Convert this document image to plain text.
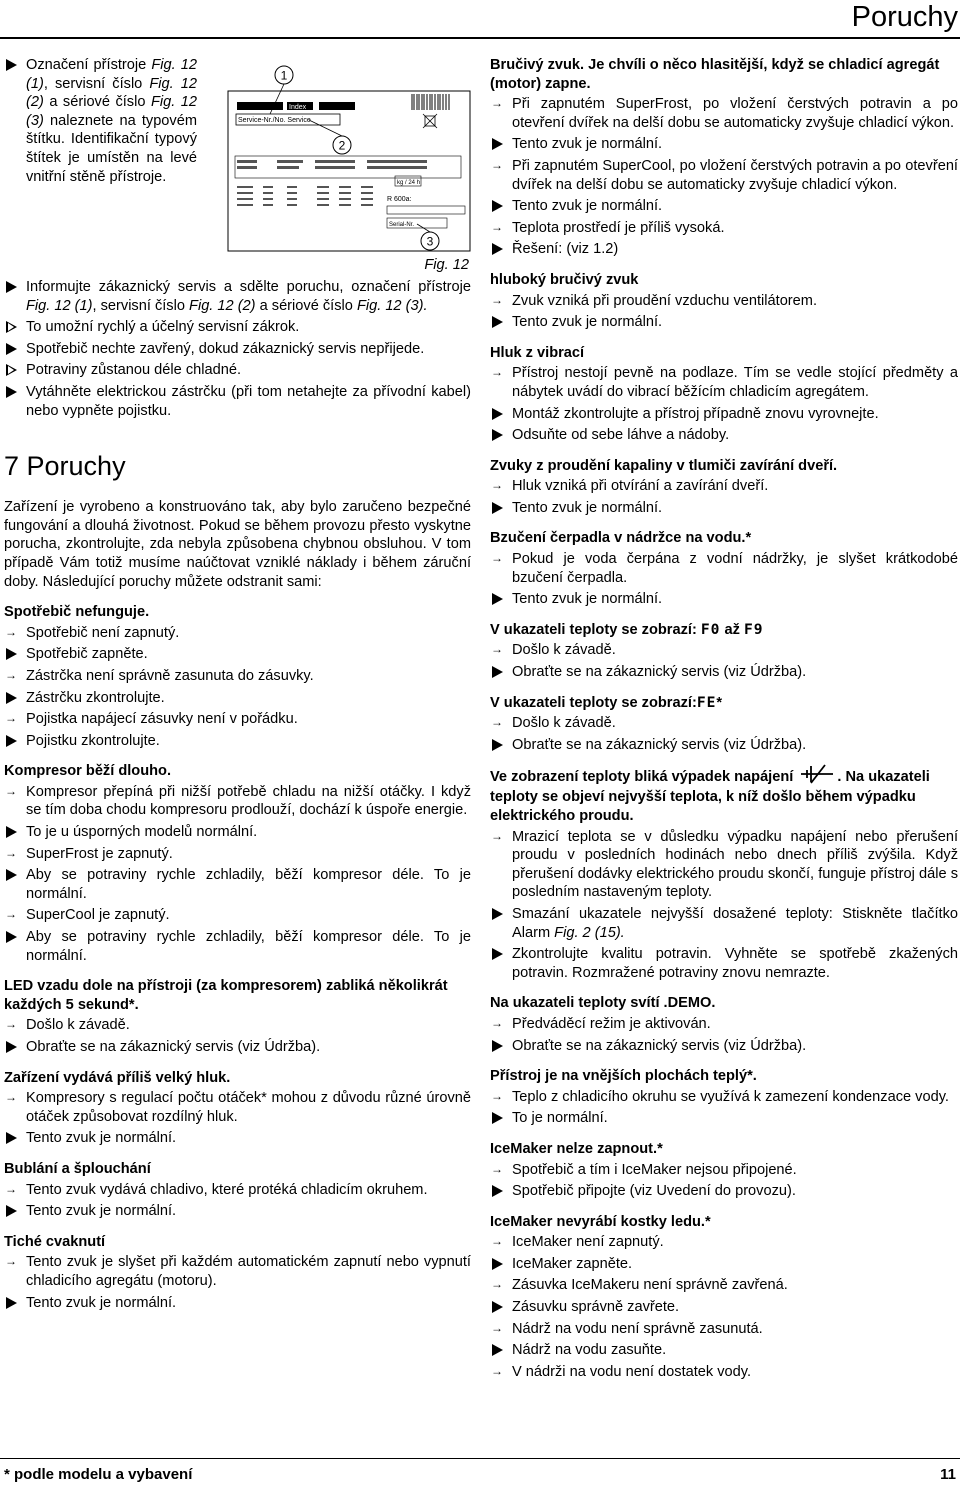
Poruchy
Označení přístroje Fig. 12 (1), servisní číslo Fig. 12 (2) a sériové číslo Fig. 12 (3) naleznete na typovém štítku. Identifikační typový štítek je umístěn na levé vnitřní stěně přístroje.
Index
Service-Nr./No. Service
kg / 24 h
R 600a:
Serial-Nr.
1
2
3
Fig. 12
Informujte zákaznický servis a sdělte poruchu, označení přístroje Fig. 12 (1), servisní číslo Fig. 12 (2) a sériové číslo Fig. 12 (3).
To umožní rychlý a účelný servisní zákrok.
Spotřebič nechte zavřený, dokud zákaznický servis nepřijede.
Potraviny zůstanou déle chladné.
Vytáhněte elektrickou zástrčku (při tom netahejte za přívodní kabel) nebo vypněte pojistku.
7 Poruchy
Zařízení je vyrobeno a konstruováno tak, aby bylo zaručeno bezpečné fungování a dlouhá životnost. Pokud se během provozu přesto vyskytne porucha, zkontrolujte, zda nebyla způsobena chybnou obsluhou. V tom případě Vám totiž musíme naúčtovat vzniklé náklady i během záruční doby. Následující poruchy můžete odstranit sami:
Spotřebič nefunguje.
→
Spotřebič není zapnutý.
Spotřebič zapněte.
→
Zástrčka není správně zasunuta do zásuvky.
Zástrčku zkontrolujte.
→
Pojistka napájecí zásuvky není v pořádku.
Pojistku zkontrolujte.
Kompresor běží dlouho.
→
Kompresor přepíná při nižší potřebě chladu na nižší otáčky. I když se tím doba chodu kompresoru prodlouží, dochází k úspoře energie.
To je u úsporných modelů normální.
→
SuperFrost je zapnutý.
Aby se potraviny rychle zchladily, běží kompresor déle. To je normální.
→
SuperCool je zapnutý.
Aby se potraviny rychle zchladily, běží kompresor déle. To je normální.
LED vzadu dole na přístroji (za kompresorem) zabliká několikrát každých 5 sekund*.
→
Došlo k závadě.
Obraťte se na zákaznický servis (viz Údržba).
Zařízení vydává příliš velký hluk.
→
Kompresory s regulací počtu otáček* mohou z důvodu různé úrovně otáček způsobovat rozdílný hluk.
Tento zvuk je normální.
Bublání a šplouchání
→
Tento zvuk vydává chladivo, které protéká chladicím okruhem.
Tento zvuk je normální.
Tiché cvaknutí
→
Tento zvuk je slyšet při každém automatickém zapnutí nebo vypnutí chladicího agregátu (motoru).
Tento zvuk je normální.
Bručivý zvuk. Je chvíli o něco hlasitější, když se chladicí agregát (motor) zapne.
→
Při zapnutém SuperFrost, po vložení čerstvých potravin a po otevření dvířek na delší dobu se automaticky zvyšuje chladicí výkon.
Tento zvuk je normální.
→
Při zapnutém SuperCool, po vložení čerstvých potravin a po otevření dvířek na delší dobu se automaticky zvyšuje chladicí výkon.
Tento zvuk je normální.
→
Teplota prostředí je příliš vysoká.
Řešení: (viz 1.2)
hluboký bručivý zvuk
→
Zvuk vzniká při proudění vzduchu ventilátorem.
Tento zvuk je normální.
Hluk z vibrací
→
Přístroj nestojí pevně na podlaze. Tím se vedle stojící předměty a nábytek uvádí do vibrací běžícím chladicím agregátem.
Montáž zkontrolujte a přístroj případně znovu vyrovnejte.
Odsuňte od sebe láhve a nádoby.
Zvuky z proudění kapaliny v tlumiči zavírání dveří.
→
Hluk vzniká při otvírání a zavírání dveří.
Tento zvuk je normální.
Bzučení čerpadla v nádržce na vodu.*
→
Pokud je voda čerpána z vodní nádržky, je slyšet krátkodobé bzučení čerpadla.
Tento zvuk je normální.
V ukazateli teploty se zobrazí: F0 až F9
→
Došlo k závadě.
Obraťte se na zákaznický servis (viz Údržba).
V ukazateli teploty se zobrazí:FE*
→
Došlo k závadě.
Obraťte se na zákaznický servis (viz Údržba).
Ve zobrazení teploty bliká výpadek napájení	. Na ukazateli teploty se objeví nejvyšší teplota, k níž došlo během výpadku elektrického proudu.
→
Mrazicí teplota se v důsledku výpadku napájení nebo přerušení proudu v posledních hodinách nebo dnech příliš zvýšila. Když přerušení dodávky elektrického proudu skončí, funguje přístroj dále s posledním nastaveným teploty.
Smazání ukazatele nejvyšší dosažené teploty: Stiskněte tlačítko Alarm Fig. 2 (15).
Zkontrolujte kvalitu potravin. Vyhněte se spotřebě zkažených potravin. Rozmražené potraviny znovu nemrazte.
Na ukazateli teploty svítí .DEMO.
→
Předváděcí režim je aktivován.
Obraťte se na zákaznický servis (viz Údržba).
Přístroj je na vnějších plochách teplý*.
→
Teplo z chladicího okruhu se využívá k zamezení kondenzace vody.
To je normální.
IceMaker nelze zapnout.*
→
Spotřebič a tím i IceMaker nejsou připojené.
Spotřebič připojte (viz Uvedení do provozu).
IceMaker nevyrábí kostky ledu.*
→
IceMaker není zapnutý.
IceMaker zapněte.
→
Zásuvka IceMakeru není správně zavřená.
Zásuvku správně zavřete.
→
Nádrž na vodu není správně zasunutá.
Nádrž na vodu zasuňte.
→
V nádrži na vodu není dostatek vody.
* podle modelu a vybavení	11
